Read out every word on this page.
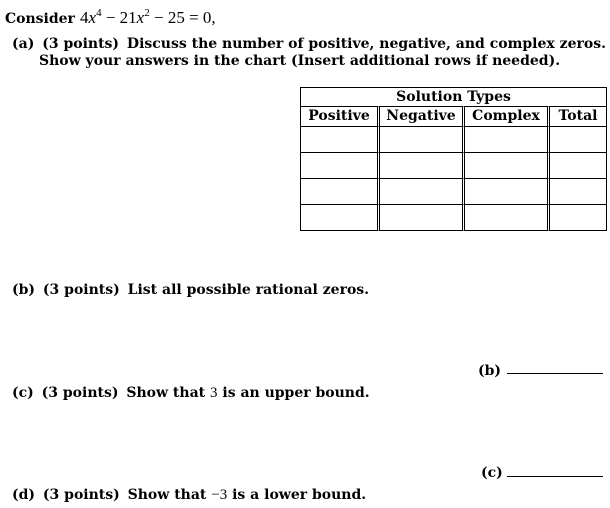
Consider $4x^4 - 21x^2 - 25 = 0$,
(a) (3 points) Discuss the number of positive, negative, and complex zeros.
Show your answers in the chart (Insert additional rows if needed).
Solution Types			
Positive	Negative	Complex	Total

(b) (3 points) List all possible rational zeros.
(b)
(c) (3 points) Show that 3 is an upper bound.
(c)
(d) (3 points) Show that −3 is a lower bound.
